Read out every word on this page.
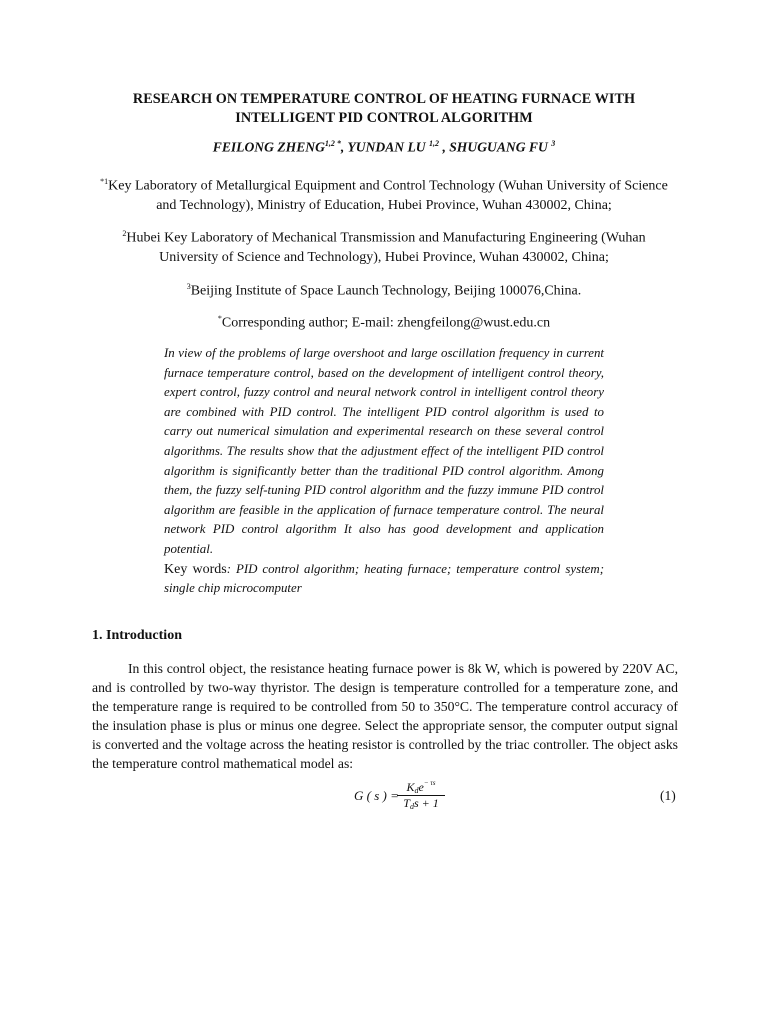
RESEARCH ON TEMPERATURE CONTROL OF HEATING FURNACE WITH
INTELLIGENT PID CONTROL ALGORITHM
FEILONG $ZHENG^{1,2 *}$, YUNDAN LU $^{1,2}$ , SHUGUANG FU $^3$
$^{*1}$Key Laboratory of Metallurgical Equipment and Control Technology (Wuhan University of Science
and Technology), Ministry of Education, Hubei Province, Wuhan 430002, China;
$^2$Hubei Key Laboratory of Mechanical Transmission and Manufacturing Engineering (Wuhan
University of Science and Technology), Hubei Province, Wuhan 430002, China;
$^3$Beijing Institute of Space Launch Technology, Beijing 100076,China.
*Corresponding author; E-mail: zhengfeilong@wust.edu.cn
In view of the problems of large overshoot and large oscillation frequency in current furnace temperature control, based on the development of intelligent control theory, expert control, fuzzy control and neural network control in intelligent control theory are combined with PID control. The intelligent PID control algorithm is used to carry out numerical simulation and experimental research on these several control algorithms. The results show that the adjustment effect of the intelligent PID control algorithm is significantly better than the traditional PID control algorithm. Among them, the fuzzy self-tuning PID control algorithm and the fuzzy immune PID control algorithm are feasible in the application of furnace temperature control. The neural network PID control algorithm It also has good development and application potential.
Key words: PID control algorithm; heating furnace; temperature control system; single chip microcomputer
1. Introduction

In this control object, the resistance heating furnace power is 8k W, which is powered by 220V AC, and is controlled by two-way thyristor. The design is temperature controlled for a temperature zone, and the temperature range is required to be controlled from 50 to 350°C. The temperature control accuracy of the insulation phase is plus or minus one degree. Select the appropriate sensor, the computer output signal is converted and the voltage across the heating resistor is controlled by the triac controller. The object asks the temperature control mathematical model as:

G ( s ) =
$K_de^{- \tau s}$
$T_ds + 1$	(1)
